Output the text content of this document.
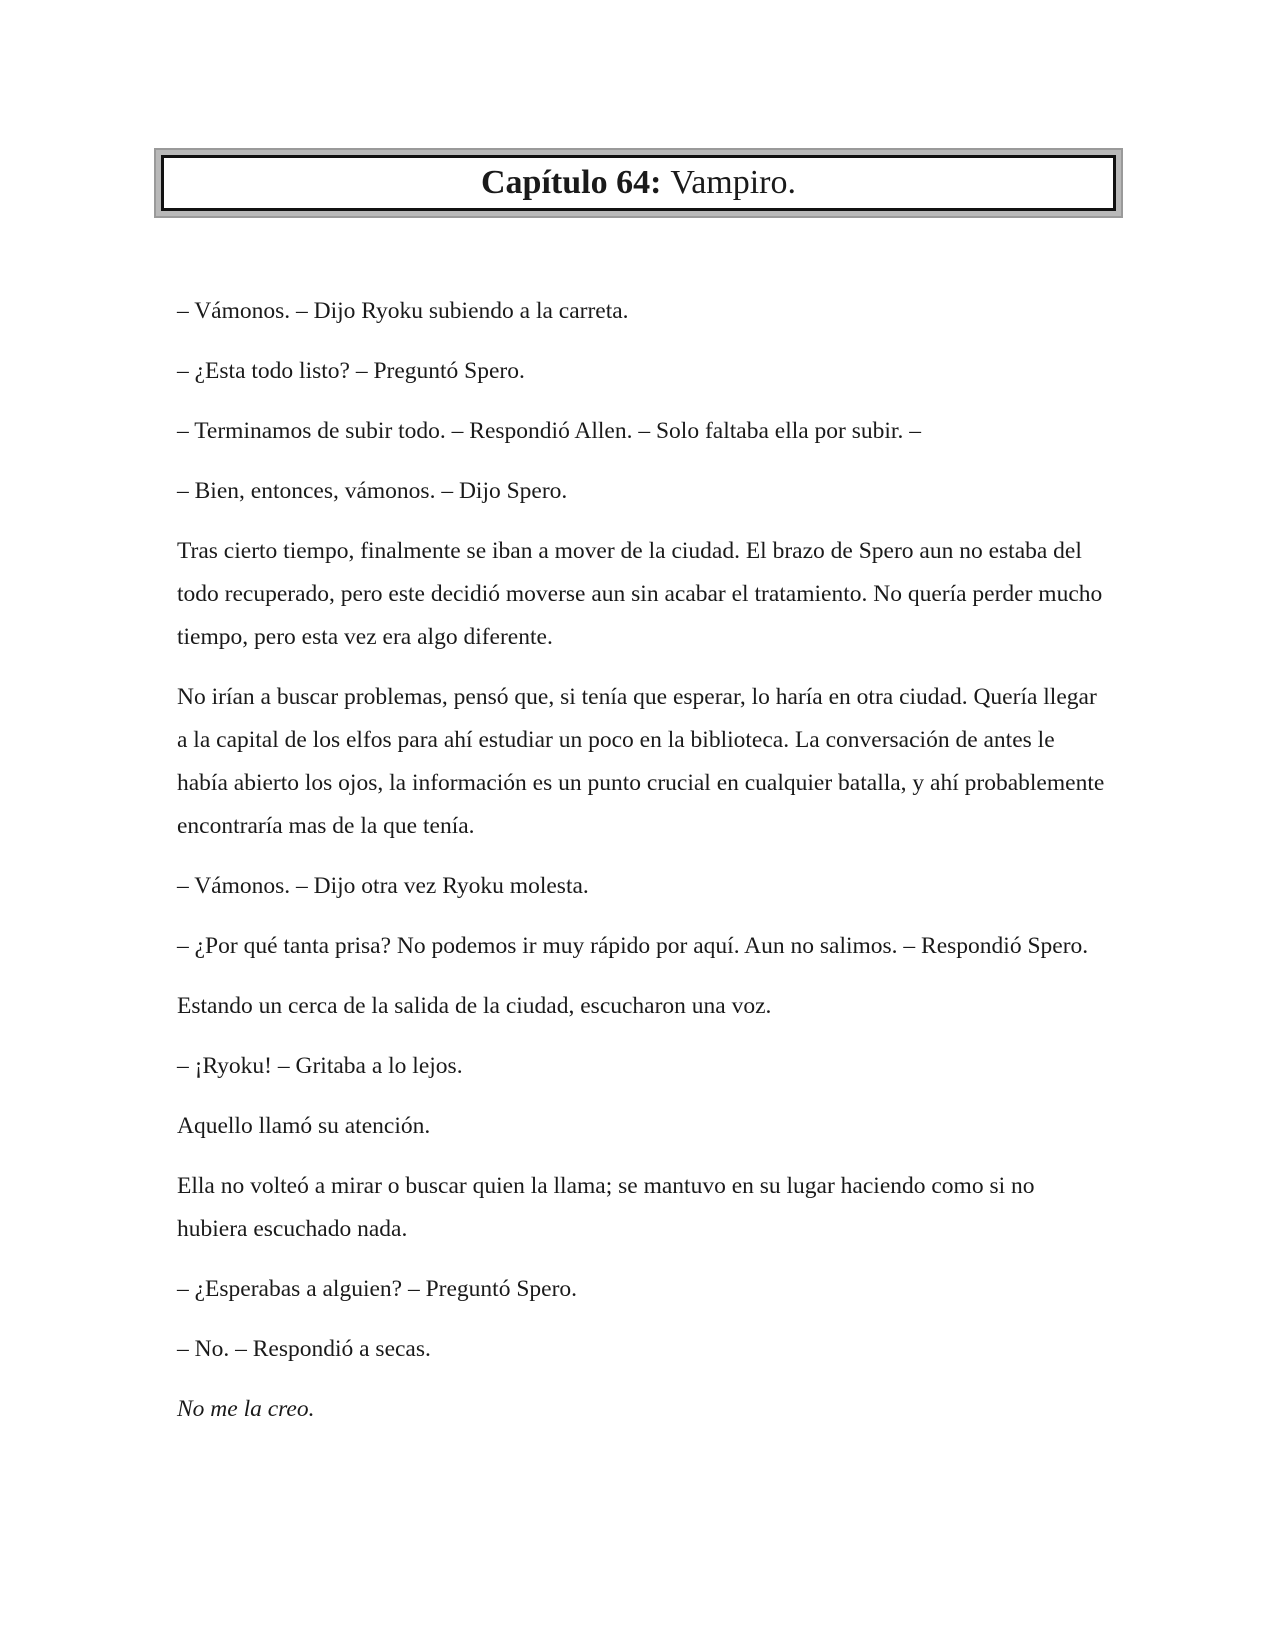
Capítulo 64: Vampiro.

– Vámonos. – Dijo Ryoku subiendo a la carreta.

– ¿Esta todo listo? – Preguntó Spero.

– Terminamos de subir todo. – Respondió Allen. – Solo faltaba ella por subir. –

– Bien, entonces, vámonos. – Dijo Spero.

Tras cierto tiempo, finalmente se iban a mover de la ciudad. El brazo de Spero aun no estaba del todo recuperado, pero este decidió moverse aun sin acabar el tratamiento. No quería perder mucho tiempo, pero esta vez era algo diferente.

No irían a buscar problemas, pensó que, si tenía que esperar, lo haría en otra ciudad. Quería llegar a la capital de los elfos para ahí estudiar un poco en la biblioteca. La conversación de antes le había abierto los ojos, la información es un punto crucial en cualquier batalla, y ahí probablemente encontraría mas de la que tenía.

– Vámonos. – Dijo otra vez Ryoku molesta.

– ¿Por qué tanta prisa? No podemos ir muy rápido por aquí. Aun no salimos. – Respondió Spero.

Estando un cerca de la salida de la ciudad, escucharon una voz.

– ¡Ryoku! – Gritaba a lo lejos.

Aquello llamó su atención.

Ella no volteó a mirar o buscar quien la llama; se mantuvo en su lugar haciendo como si no hubiera escuchado nada.

– ¿Esperabas a alguien? – Preguntó Spero.

– No. – Respondió a secas.

No me la creo.
